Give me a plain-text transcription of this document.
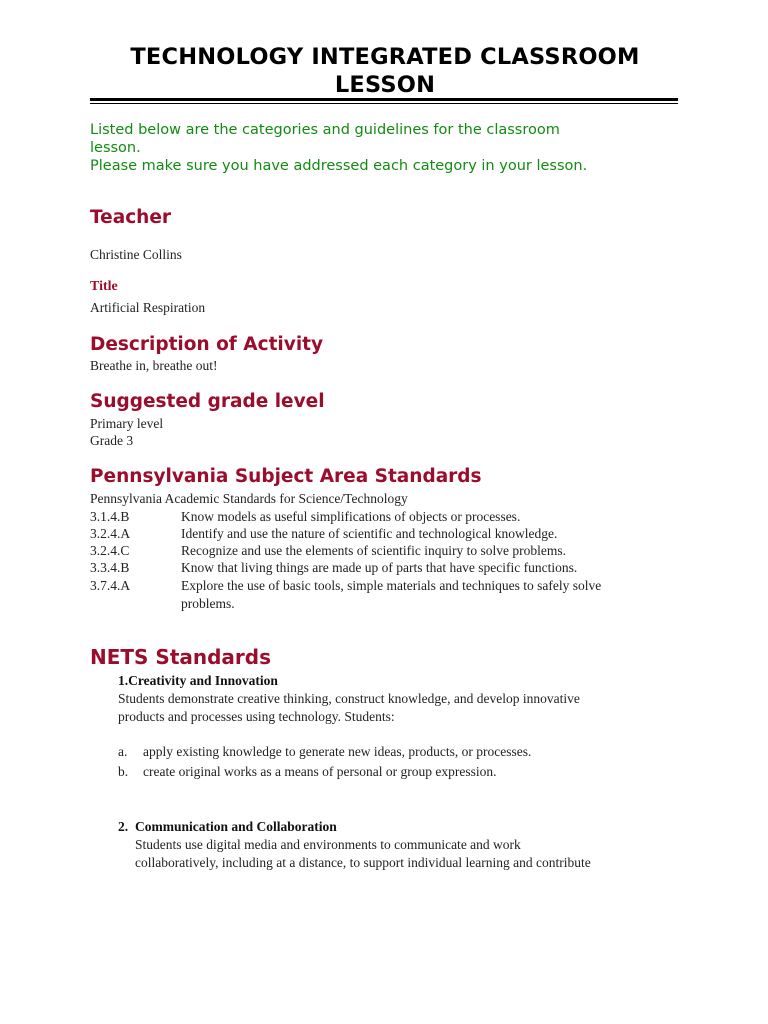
TECHNOLOGY INTEGRATED CLASSROOM
LESSON
Listed below are the categories and guidelines for the classroom
lesson.
Please make sure you have addressed each category in your lesson.
Teacher
Christine Collins
Title
Artificial Respiration
Description of Activity
Breathe in, breathe out!
Suggested grade level
Primary level
Grade 3
Pennsylvania Subject Area Standards
Pennsylvania Academic Standards for Science/Technology
3.1.4.B	Know models as useful simplifications of objects or processes.
3.2.4.A	Identify and use the nature of scientific and technological knowledge.
3.2.4.C	Recognize and use the elements of scientific inquiry to solve problems.
3.3.4.B	Know that living things are made up of parts that have specific functions.
3.7.4.A	Explore the use of basic tools, simple materials and techniques to safely solve
problems.
NETS Standards
1.Creativity and Innovation
Students demonstrate creative thinking, construct knowledge, and develop innovative
products and processes using technology. Students:
a. apply existing knowledge to generate new ideas, products, or processes.
b. create original works as a means of personal or group expression.
2. Communication and Collaboration
Students use digital media and environments to communicate and work
collaboratively, including at a distance, to support individual learning and contribute
